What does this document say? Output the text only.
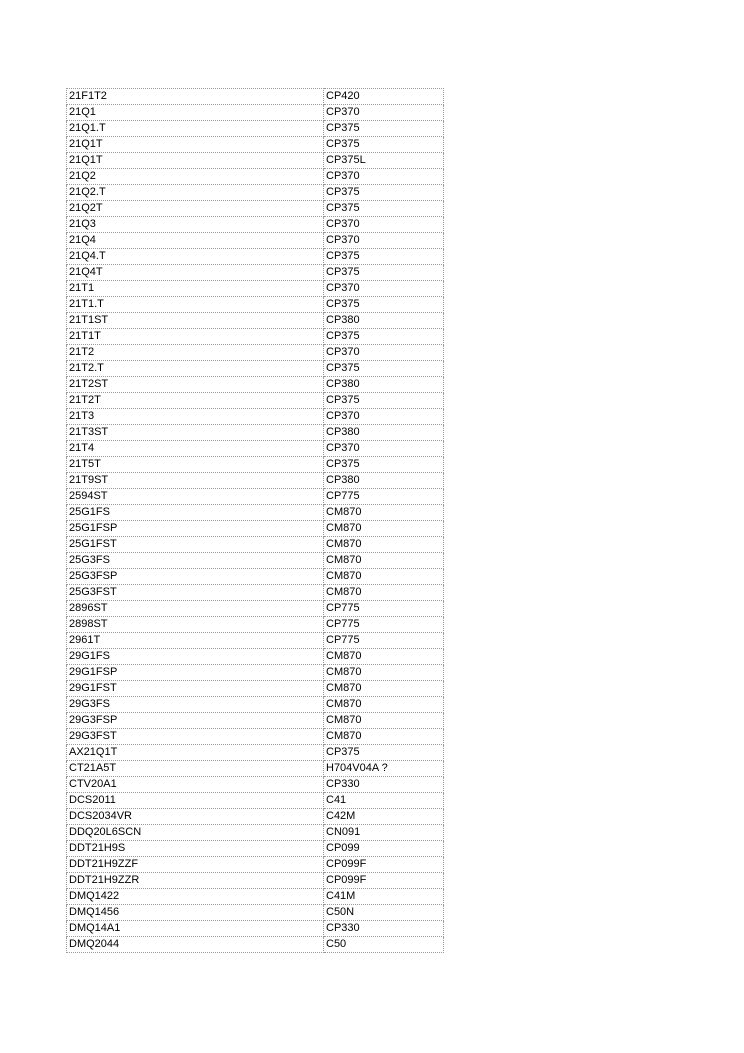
21F1T2	CP420
21Q1	CP370
21Q1.T	CP375
21Q1T	CP375
21Q1T	CP375L
21Q2	CP370
21Q2.T	CP375
21Q2T	CP375
21Q3	CP370
21Q4	CP370
21Q4.T	CP375
21Q4T	CP375
21T1	CP370
21T1.T	CP375
21T1ST	CP380
21T1T	CP375
21T2	CP370
21T2.T	CP375
21T2ST	CP380
21T2T	CP375
21T3	CP370
21T3ST	CP380
21T4	CP370
21T5T	CP375
21T9ST	CP380
2594ST	CP775
25G1FS	CM870
25G1FSP	CM870
25G1FST	CM870
25G3FS	CM870
25G3FSP	CM870
25G3FST	CM870
2896ST	CP775
2898ST	CP775
2961T	CP775
29G1FS	CM870
29G1FSP	CM870
29G1FST	CM870
29G3FS	CM870
29G3FSP	CM870
29G3FST	CM870
AX21Q1T	CP375
CT21A5T	H704V04A ?
CTV20A1	CP330
DCS2011	C41
DCS2034VR	C42M
DDQ20L6SCN	CN091
DDT21H9S	CP099
DDT21H9ZZF	CP099F
DDT21H9ZZR	CP099F
DMQ1422	C41M
DMQ1456	C50N
DMQ14A1	CP330
DMQ2044	C50
